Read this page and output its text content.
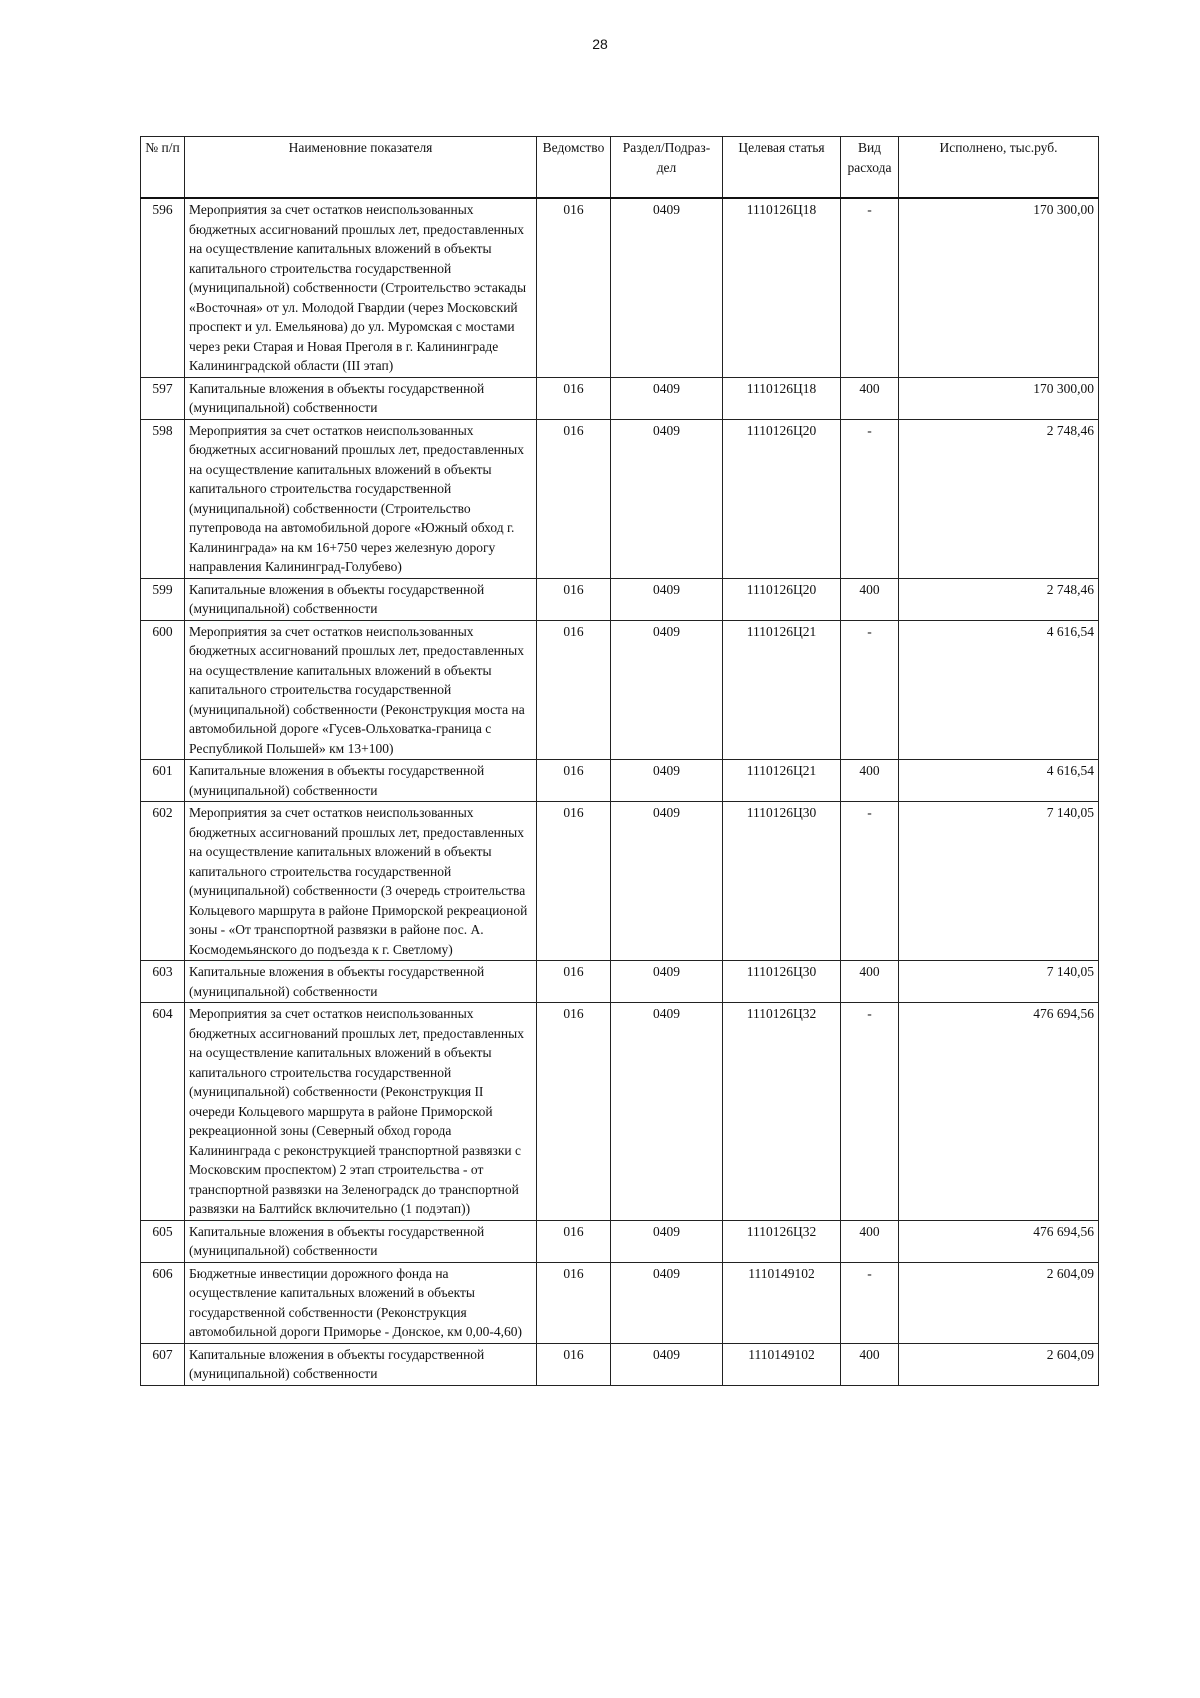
28
№ п/п	Наименовние показателя	Ведомство	Раздел/Подраз-дел	Целевая статья	Вид расхода	Исполнено, тыс.руб.
596	Мероприятия за счет остатков неиспользованных бюджетных ассигнований прошлых лет, предоставленных на осуществление капитальных вложений в объекты капитального строительства государственной (муниципальной) собственности (Строительство эстакады «Восточная» от ул. Молодой Гвардии (через Московский проспект и ул. Емельянова) до ул. Муромская с мостами через реки Старая и Новая Преголя в г. Калининграде Калининградской области (III этап)	016	0409	1110126Ц18	-	170 300,00
597	Капитальные вложения в объекты государственной (муниципальной) собственности	016	0409	1110126Ц18	400	170 300,00
598	Мероприятия за счет остатков неиспользованных бюджетных ассигнований прошлых лет, предоставленных на осуществление капитальных вложений в объекты капитального строительства государственной (муниципальной) собственности (Строительство путепровода на автомобильной дороге «Южный обход г. Калининграда» на км 16+750 через железную дорогу направления Калининград-Голубево)	016	0409	1110126Ц20	-	2 748,46
599	Капитальные вложения в объекты государственной (муниципальной) собственности	016	0409	1110126Ц20	400	2 748,46
600	Мероприятия за счет остатков неиспользованных бюджетных ассигнований прошлых лет, предоставленных на осуществление капитальных вложений в объекты капитального строительства государственной (муниципальной) собственности (Реконструкция моста на автомобильной дороге «Гусев-Ольховатка-граница с Республикой Польшей» км 13+100)	016	0409	1110126Ц21	-	4 616,54
601	Капитальные вложения в объекты государственной (муниципальной) собственности	016	0409	1110126Ц21	400	4 616,54
602	Мероприятия за счет остатков неиспользованных бюджетных ассигнований прошлых лет, предоставленных на осуществление капитальных вложений в объекты капитального строительства государственной (муниципальной) собственности (3 очередь строительства Кольцевого маршрута в районе Приморской рекреационой зоны - «От транспортной развязки в районе пос. А. Космодемьянского до подъезда к г. Светлому)	016	0409	1110126Ц30	-	7 140,05
603	Капитальные вложения в объекты государственной (муниципальной) собственности	016	0409	1110126Ц30	400	7 140,05
604	Мероприятия за счет остатков неиспользованных бюджетных ассигнований прошлых лет, предоставленных на осуществление капитальных вложений в объекты капитального строительства государственной (муниципальной) собственности (Реконструкция II очереди Кольцевого маршрута в районе Приморской рекреационной зоны (Северный обход города Калининграда с реконструкцией транспортной развязки с Московским проспектом) 2 этап строительства - от транспортной развязки на Зеленоградск до транспортной развязки на Балтийск включительно (1 подэтап))	016	0409	1110126Ц32	-	476 694,56
605	Капитальные вложения в объекты государственной (муниципальной) собственности	016	0409	1110126Ц32	400	476 694,56
606	Бюджетные инвестиции дорожного фонда на осуществление капитальных вложений в объекты государственной собственности (Реконструкция автомобильной дороги Приморье - Донское, км 0,00-4,60)	016	0409	1110149102	-	2 604,09
607	Капитальные вложения в объекты государственной (муниципальной) собственности	016	0409	1110149102	400	2 604,09
